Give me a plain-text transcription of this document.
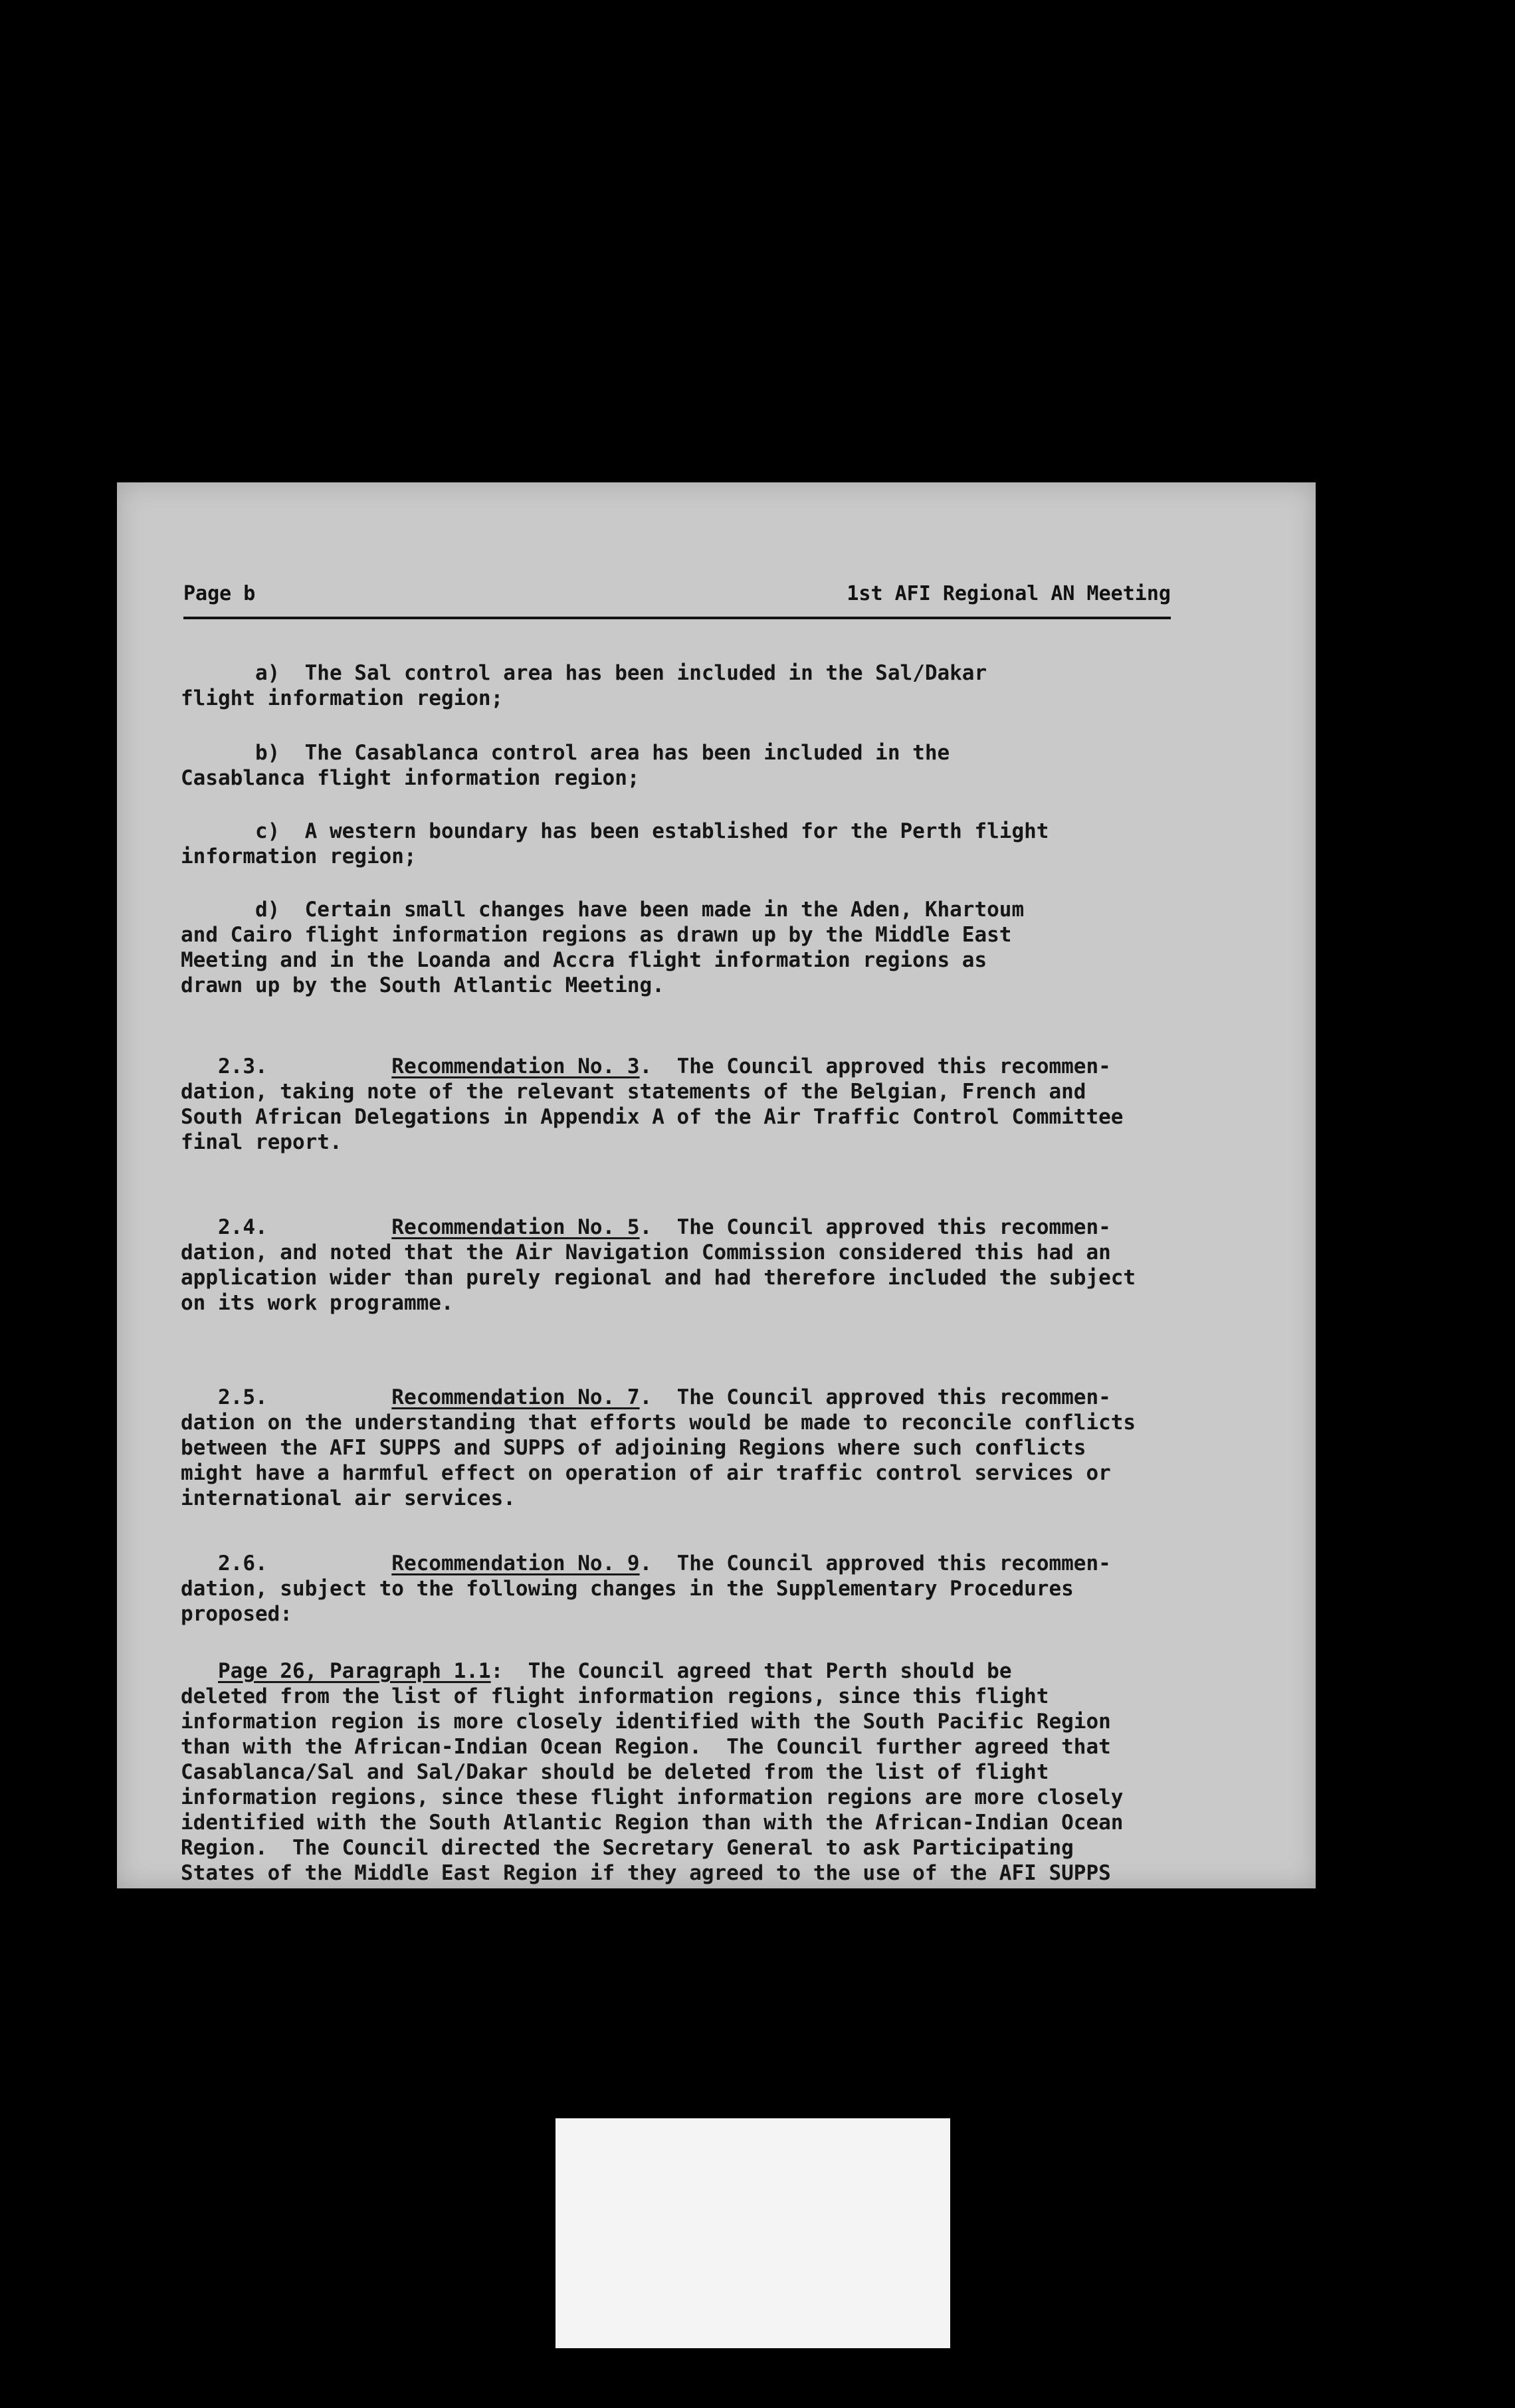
Page b	1st AFI Regional AN Meeting
a)  The Sal control area has been included in the Sal/Dakar
flight information region;
b)  The Casablanca control area has been included in the
Casablanca flight information region;
c)  A western boundary has been established for the Perth flight
information region;
d)  Certain small changes have been made in the Aden, Khartoum
and Cairo flight information regions as drawn up by the Middle East
Meeting and in the Loanda and Accra flight information regions as
drawn up by the South Atlantic Meeting.
2.3.          Recommendation No. 3.  The Council approved this recommen-
dation, taking note of the relevant statements of the Belgian, French and
South African Delegations in Appendix A of the Air Traffic Control Committee
final report.
2.4.          Recommendation No. 5.  The Council approved this recommen-
dation, and noted that the Air Navigation Commission considered this had an
application wider than purely regional and had therefore included the subject
on its work programme.
2.5.          Recommendation No. 7.  The Council approved this recommen-
dation on the understanding that efforts would be made to reconcile conflicts
between the AFI SUPPS and SUPPS of adjoining Regions where such conflicts
might have a harmful effect on operation of air traffic control services or
international air services.
2.6.          Recommendation No. 9.  The Council approved this recommen-
dation, subject to the following changes in the Supplementary Procedures
proposed:
Page 26, Paragraph 1.1:  The Council agreed that Perth should be
deleted from the list of flight information regions, since this flight
information region is more closely identified with the South Pacific Region
than with the African-Indian Ocean Region.  The Council further agreed that
Casablanca/Sal and Sal/Dakar should be deleted from the list of flight
information regions, since these flight information regions are more closely
identified with the South Atlantic Region than with the African-Indian Ocean
Region.  The Council directed the Secretary General to ask Participating
States of the Middle East Region if they agreed to the use of the AFI SUPPS
